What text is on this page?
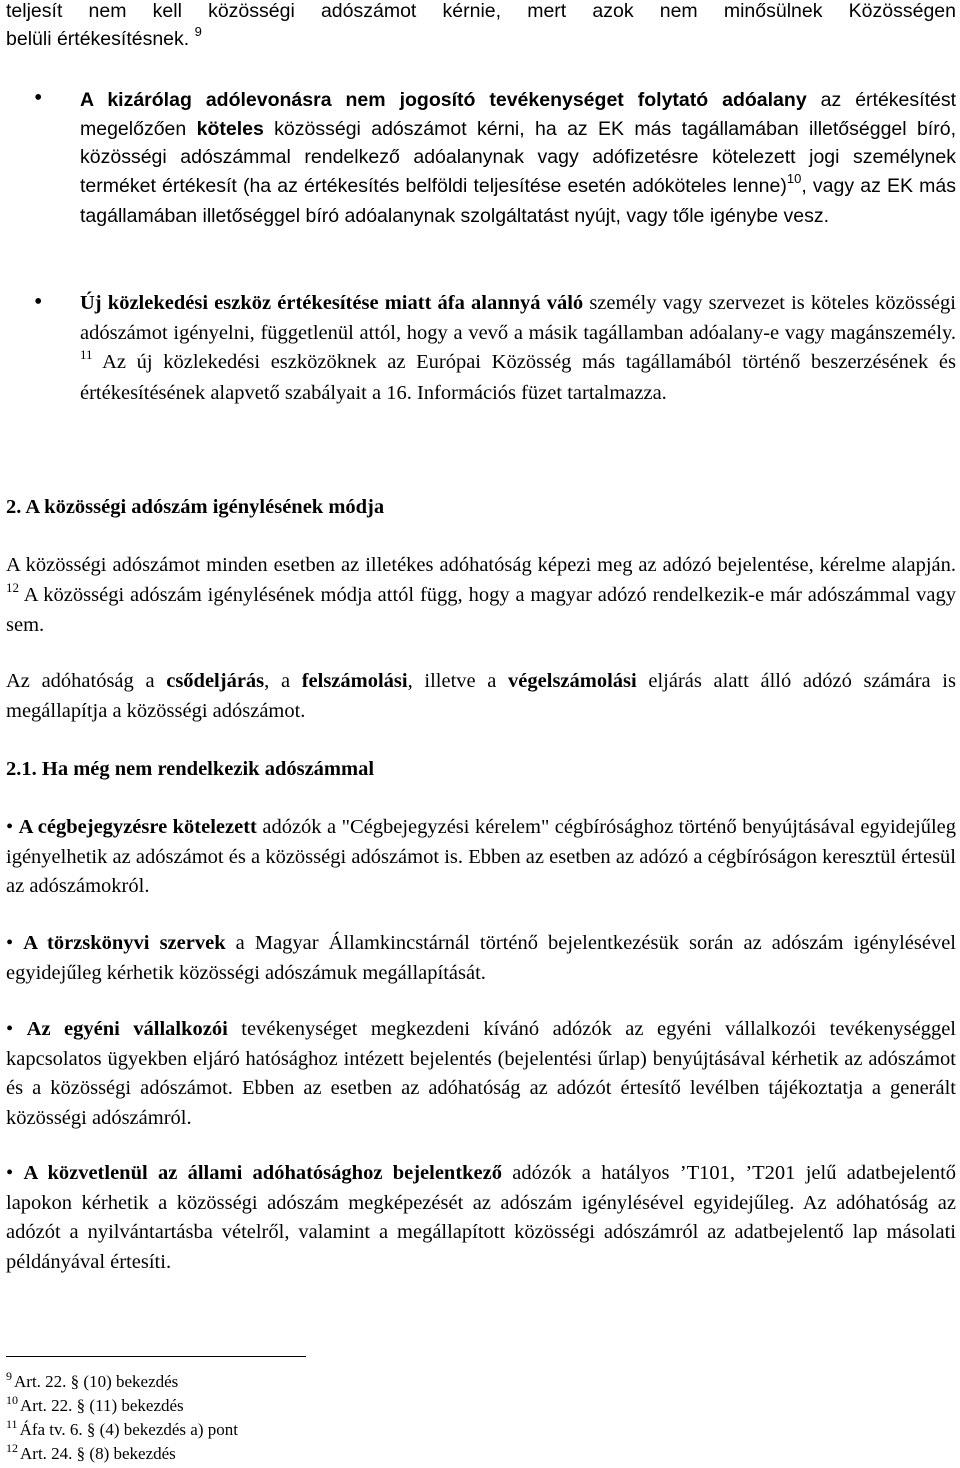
teljesít nem kell közösségi adószámot kérnie, mert azok nem minősülnek Közösségen

belüli értékesítésnek. $^9$

• A kizárólag adólevonásra nem jogosító tevékenységet folytató adóalany az értékesítést megelőzően köteles közösségi adószámot kérni, ha az EK más tagállamában illetőséggel bíró, közösségi adószámmal rendelkező adóalanynak vagy adófizetésre kötelezett jogi személynek terméket értékesít (ha az értékesítés belföldi teljesítése esetén adóköteles lenne)$^{10}$, vagy az EK más tagállamában illetőséggel bíró adóalanynak szolgáltatást nyújt, vagy tőle igénybe vesz.

• Új közlekedési eszköz értékesítése miatt áfa alannyá váló személy vagy szervezet is köteles közösségi adószámot igényelni, függetlenül attól, hogy a vevő a másik tagállamban adóalany-e vagy magánszemély. $^{11}$ Az új közlekedési eszközöknek az Európai Közösség más tagállamából történő beszerzésének és értékesítésének alapvető szabályait a 16. Információs füzet tartalmazza.

2. A közösségi adószám igénylésének módja

A közösségi adószámot minden esetben az illetékes adóhatóság képezi meg az adózó bejelentése, kérelme alapján. $^{12}$ A közösségi adószám igénylésének módja attól függ, hogy a magyar adózó rendelkezik-e már adószámmal vagy sem.

Az adóhatóság a csődeljárás, a felszámolási, illetve a végelszámolási eljárás alatt álló adózó számára is megállapítja a közösségi adószámot.

2.1. Ha még nem rendelkezik adószámmal

• A cégbejegyzésre kötelezett adózók a "Cégbejegyzési kérelem" cégbírósághoz történő benyújtásával egyidejűleg igényelhetik az adószámot és a közösségi adószámot is. Ebben az esetben az adózó a cégbíróságon keresztül értesül az adószámokról.

• A törzskönyvi szervek a Magyar Államkincstárnál történő bejelentkezésük során az adószám igénylésével egyidejűleg kérhetik közösségi adószámuk megállapítását.

• Az egyéni vállalkozói tevékenységet megkezdeni kívánó adózók az egyéni vállalkozói tevékenységgel kapcsolatos ügyekben eljáró hatósághoz intézett bejelentés (bejelentési űrlap) benyújtásával kérhetik az adószámot és a közösségi adószámot. Ebben az esetben az adóhatóság az adózót értesítő levélben tájékoztatja a generált közösségi adószámról.

• A közvetlenül az állami adóhatósághoz bejelentkező adózók a hatályos ’T101, ’T201 jelű adatbejelentő lapokon kérhetik a közösségi adószám megképezését az adószám igénylésével egyidejűleg. Az adóhatóság az adózót a nyilvántartásba vételről, valamint a megállapított közösségi adószámról az adatbejelentő lap másolati példányával értesíti.

$^9$ Art. 22. § (10) bekezdés

$^{10}$ Art. 22. § (11) bekezdés

$^{11}$ Áfa tv. 6. § (4) bekezdés a) pont

$^{12}$ Art. 24. § (8) bekezdés
